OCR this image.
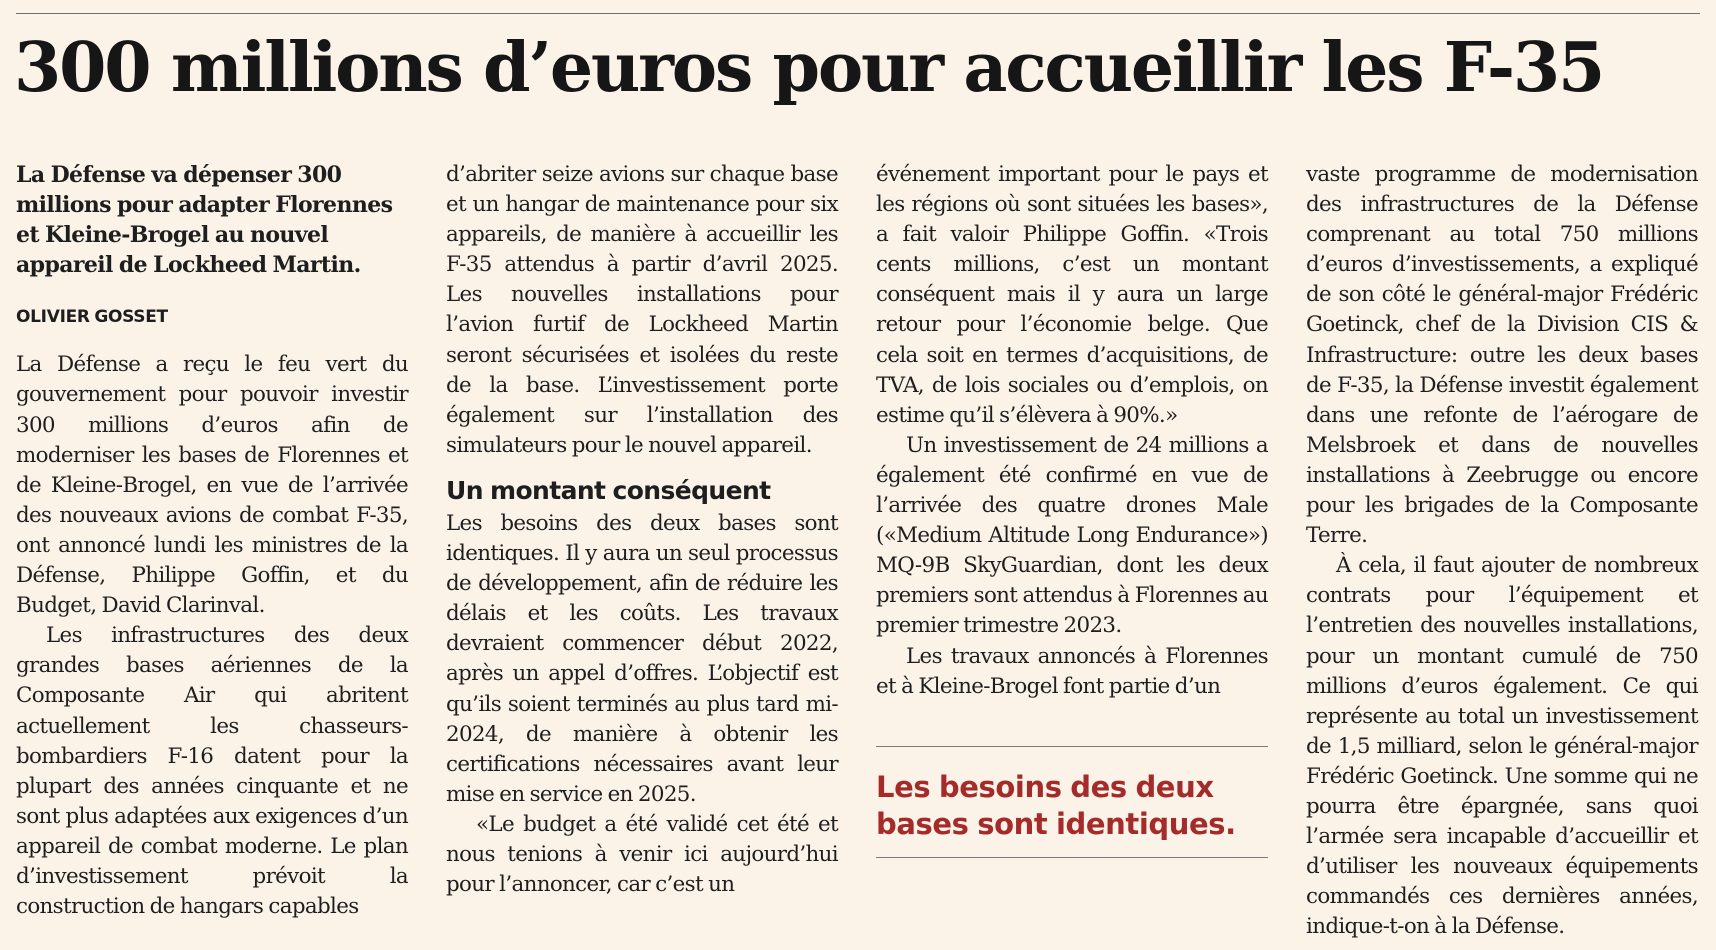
300 millions d’euros pour accueillir les F-35

La Défense va dépenser 300 millions pour adapter Florennes et Kleine-Brogel au nouvel appareil de Lockheed Martin.

OLIVIER GOSSET

La Défense a reçu le feu vert du gouvernement pour pouvoir investir 300 millions d’euros afin de moderniser les bases de Florennes et de Kleine-Brogel, en vue de l’arrivée des nouveaux avions de combat F-35, ont annoncé lundi les ministres de la Défense, Philippe Goffin, et du Budget, David Clarinval.

Les infrastructures des deux grandes bases aériennes de la Composante Air qui abritent actuellement les chasseurs-bombardiers F-16 datent pour la plupart des années cinquante et ne sont plus adaptées aux exigences d’un appareil de combat moderne. Le plan d’investissement prévoit la construction de hangars capables

d’abriter seize avions sur chaque base et un hangar de maintenance pour six appareils, de manière à accueillir les F-35 attendus à partir d’avril 2025. Les nouvelles installations pour l’avion furtif de Lockheed Martin seront sécurisées et isolées du reste de la base. L’investissement porte également sur l’installation des simulateurs pour le nouvel appareil.

Un montant conséquent

Les besoins des deux bases sont identiques. Il y aura un seul processus de développement, afin de réduire les délais et les coûts. Les travaux devraient commencer début 2022, après un appel d’offres. L’objectif est qu’ils soient terminés au plus tard mi-2024, de manière à obtenir les certifications nécessaires avant leur mise en service en 2025.

«Le budget a été validé cet été et nous tenions à venir ici aujourd’hui pour l’annoncer, car c’est un

événement important pour le pays et les régions où sont situées les bases», a fait valoir Philippe Goffin. «Trois cents millions, c’est un montant conséquent mais il y aura un large retour pour l’économie belge. Que cela soit en termes d’acquisitions, de TVA, de lois sociales ou d’emplois, on estime qu’il s’élèvera à 90%.»

Un investissement de 24 millions a également été confirmé en vue de l’arrivée des quatre drones Male («Medium Altitude Long Endurance») MQ-9B SkyGuardian, dont les deux premiers sont attendus à Florennes au premier trimestre 2023.

Les travaux annoncés à Florennes et à Kleine-Brogel font partie d’un

Les besoins des deux bases sont identiques.

vaste programme de modernisation des infrastructures de la Défense comprenant au total 750 millions d’euros d’investissements, a expliqué de son côté le général-major Frédéric Goetinck, chef de la Division CIS & Infrastructure: outre les deux bases de F-35, la Défense investit également dans une refonte de l’aérogare de Melsbroek et dans de nouvelles installations à Zeebrugge ou encore pour les brigades de la Composante Terre.

À cela, il faut ajouter de nombreux contrats pour l’équipement et l’entretien des nouvelles installations, pour un montant cumulé de 750 millions d’euros également. Ce qui représente au total un investissement de 1,5 milliard, selon le général-major Frédéric Goetinck. Une somme qui ne pourra être épargnée, sans quoi l’armée sera incapable d’accueillir et d’utiliser les nouveaux équipements commandés ces dernières années, indique-t-on à la Défense.
